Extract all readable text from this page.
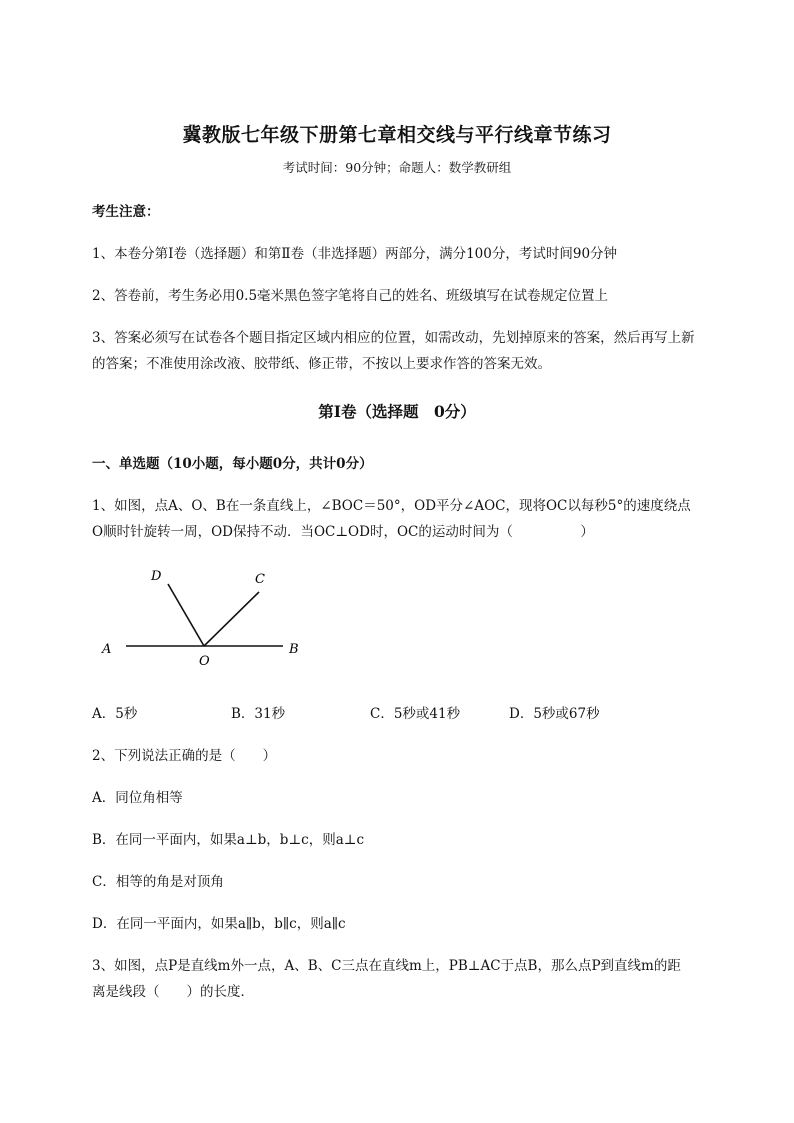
冀教版七年级下册第七章相交线与平行线章节练习
考试时间：90分钟；命题人：数学教研组
考生注意：
1、本卷分第I卷（选择题）和第Ⅱ卷（非选择题）两部分，满分100分，考试时间90分钟
2、答卷前，考生务必用0.5毫米黑色签字笔将自己的姓名、班级填写在试卷规定位置上
3、答案必须写在试卷各个题目指定区域内相应的位置，如需改动，先划掉原来的答案，然后再写上新
的答案；不准使用涂改液、胶带纸、修正带，不按以上要求作答的答案无效。
第I卷（选择题　0分）
一、单选题（10小题，每小题0分，共计0分）
1、如图，点A、O、B在一条直线上，∠BOC＝50°，OD平分∠AOC，现将OC以每秒5°的速度绕点
O顺时针旋转一周，OD保持不动．当OC⊥OD时，OC的运动时间为（　　　　　）
A	B
O
C
D
A．5秒	B．31秒	C．5秒或41秒	D．5秒或67秒
2、下列说法正确的是（　　）
A．同位角相等
B．在同一平面内，如果a⊥b，b⊥c，则a⊥c
C．相等的角是对顶角
D．在同一平面内，如果a∥b，b∥c，则a∥c
3、如图，点P是直线m外一点，A、B、C三点在直线m上，PB⊥AC于点B，那么点P到直线m的距
离是线段（　　）的长度．
